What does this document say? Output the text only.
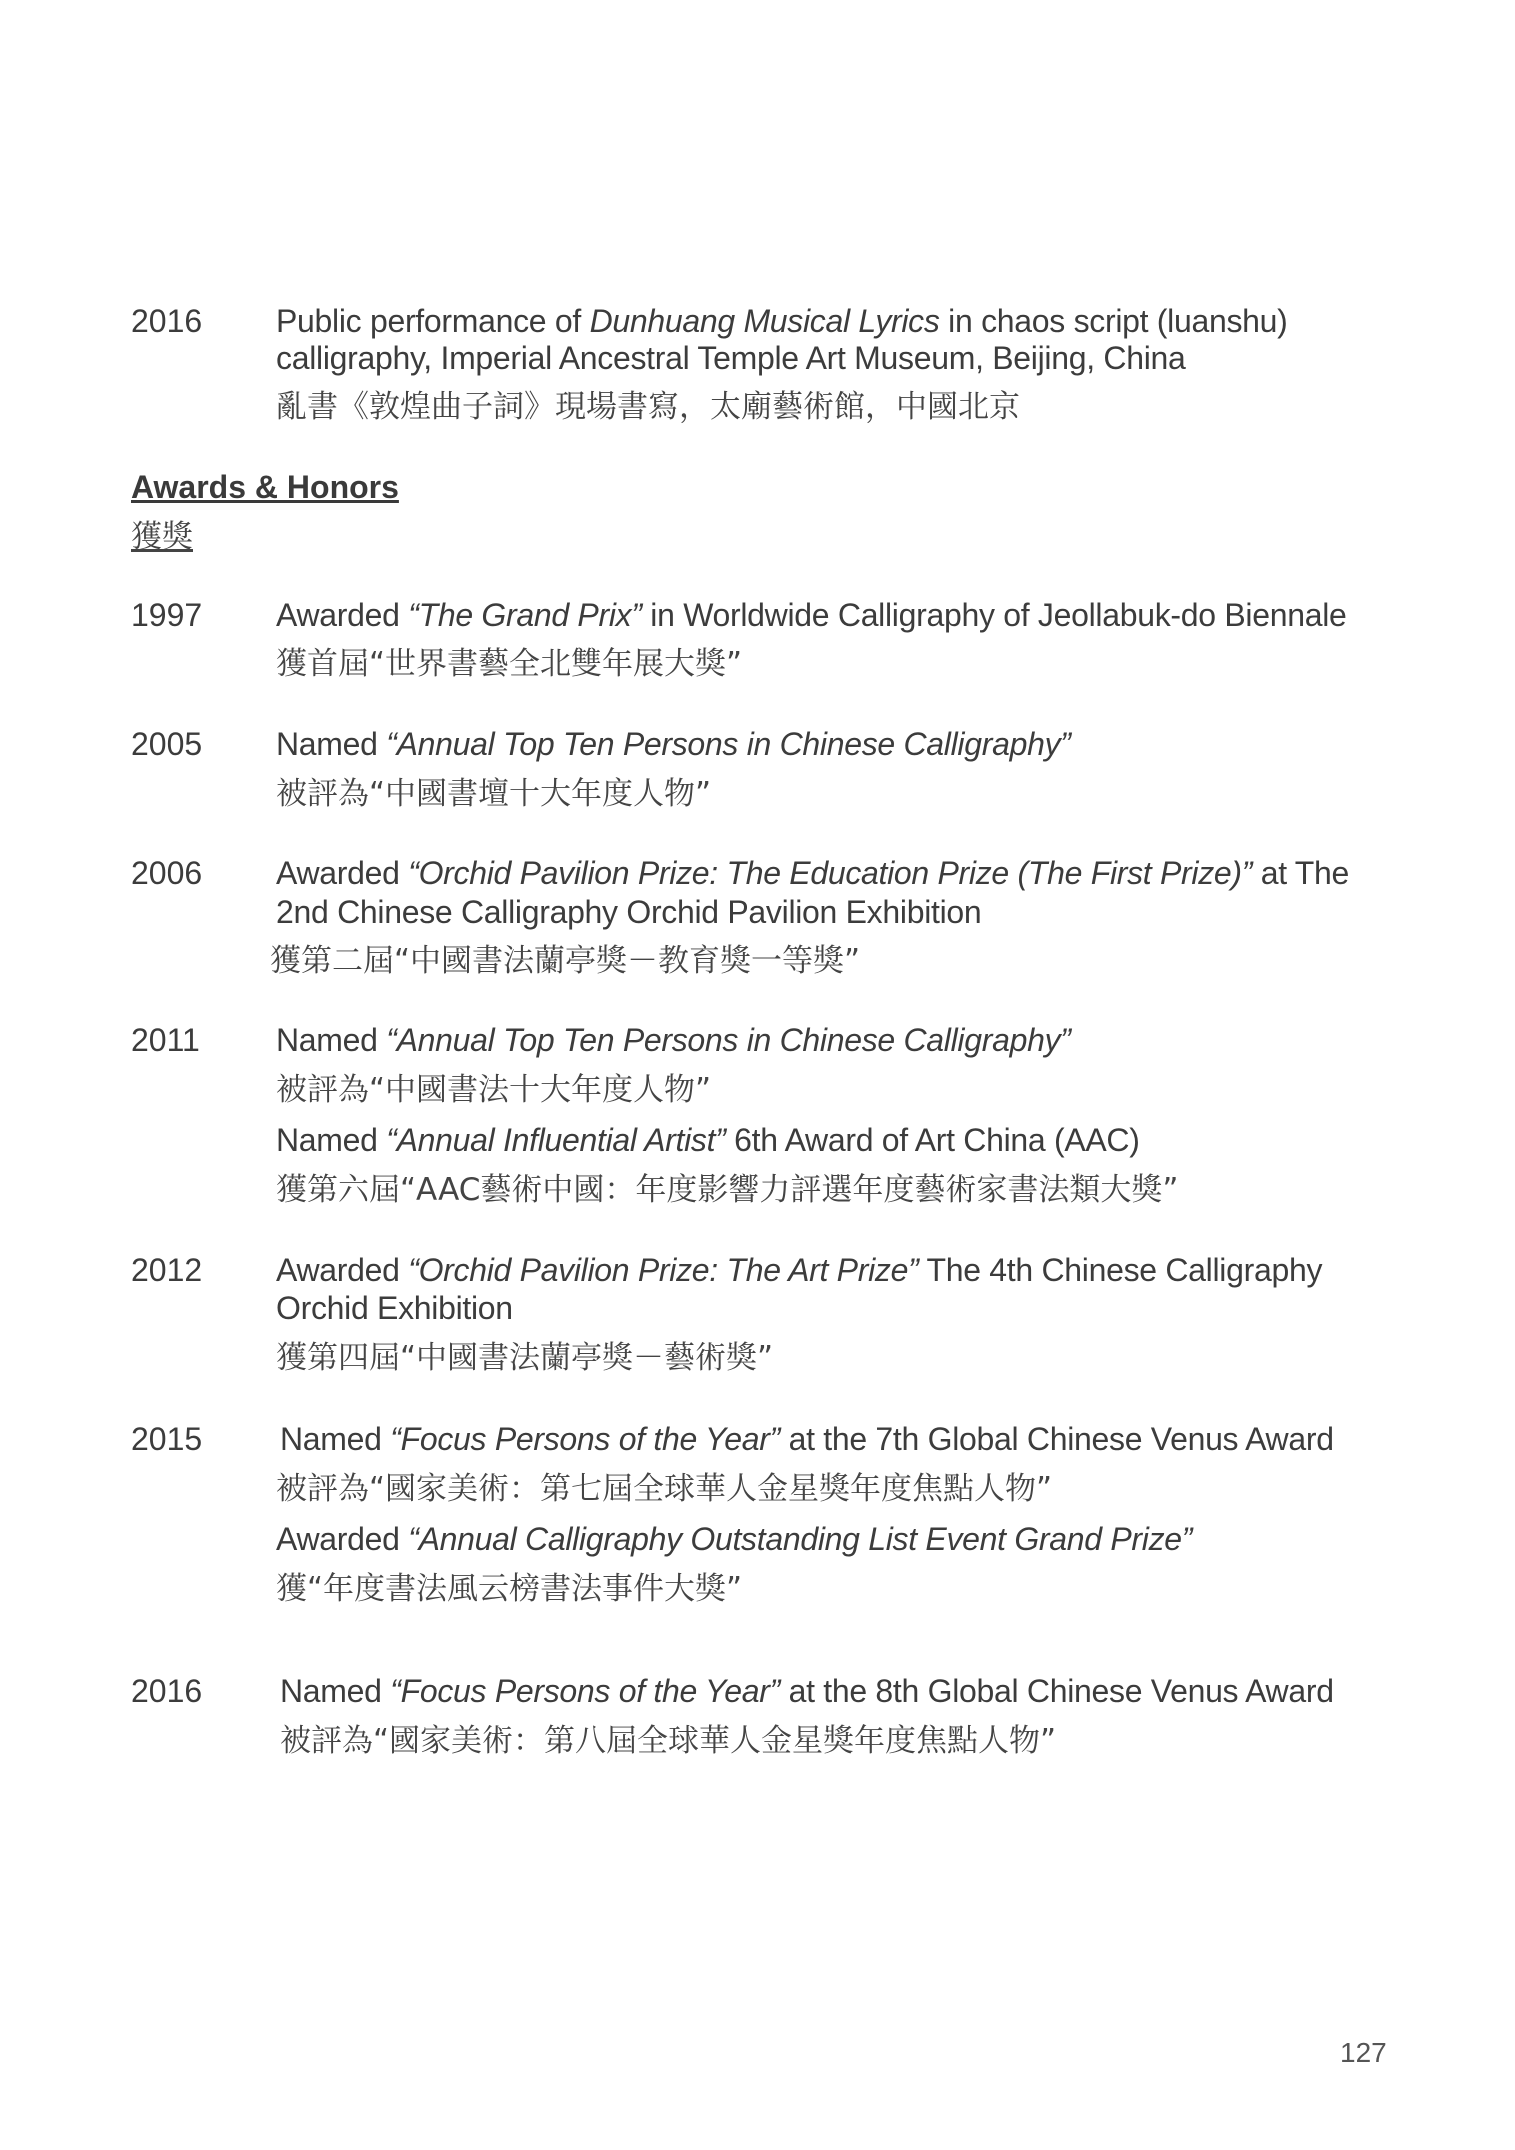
2016 Public performance of Dunhuang Musical Lyrics in chaos script (luanshu)
calligraphy, Imperial Ancestral Temple Art Museum, Beijing, China
亂書《敦煌曲子詞》現場書寫，太廟藝術館，中國北京
Awards & Honors
獲獎
1997 Awarded “The Grand Prix” in Worldwide Calligraphy of Jeollabuk-do Biennale
獲首屆“世界書藝全北雙年展大獎”
2005 Named “Annual Top Ten Persons in Chinese Calligraphy”
被評為“中國書壇十大年度人物”
2006 Awarded “Orchid Pavilion Prize: The Education Prize (The First Prize)” at The
2nd Chinese Calligraphy Orchid Pavilion Exhibition
獲第二屆“中國書法蘭亭獎－教育獎一等獎”
2011 Named “Annual Top Ten Persons in Chinese Calligraphy”
被評為“中國書法十大年度人物”
Named “Annual Influential Artist” 6th Award of Art China (AAC)
獲第六屆“AAC藝術中國：年度影響力評選年度藝術家書法類大獎”
2012 Awarded “Orchid Pavilion Prize: The Art Prize” The 4th Chinese Calligraphy
Orchid Exhibition
獲第四屆“中國書法蘭亭獎－藝術獎”
2015 Named “Focus Persons of the Year” at the 7th Global Chinese Venus Award
被評為“國家美術：第七屆全球華人金星獎年度焦點人物”
Awarded “Annual Calligraphy Outstanding List Event Grand Prize”
獲“年度書法風云榜書法事件大獎”
2016 Named “Focus Persons of the Year” at the 8th Global Chinese Venus Award
被評為“國家美術：第八屆全球華人金星獎年度焦點人物”
127
